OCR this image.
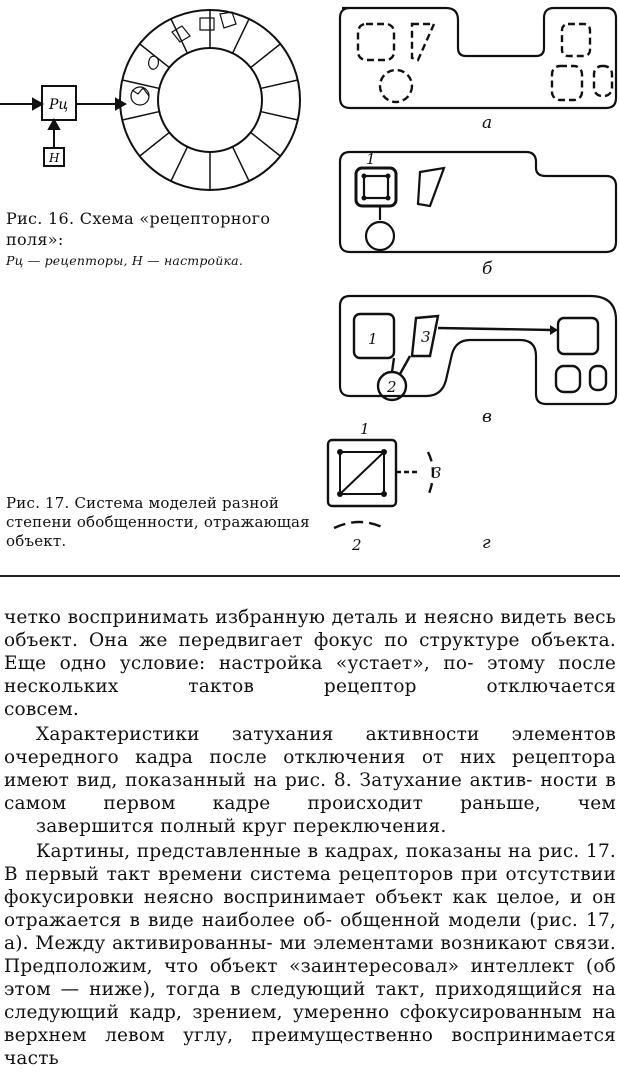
Рц
Н
Рис. 16. Схема «рецепторного поля»:
Рц — рецепторы, Н — настройка.
а
б
в
г
1
1
2
3
1
2
3
Рис. 17. Система моделей разной степени обобщенности, отражающая объект.

четко воспринимать избранную деталь и неясно видеть весь объект. Она же передвигает фокус по структуре объекта. Еще одно условие: настройка «устает», по- этому после нескольких тактов рецептор отключается
совсем.

Характеристики затухания активности элементов очередного кадра после отключения от них рецептора имеют вид, показанный на рис. 8. Затухание актив- ности в самом первом кадре происходит раньше, чем
завершится полный круг переключения.

Картины, представленные в кадрах, показаны на рис. 17. В первый такт времени система рецепторов при отсутствии фокусировки неясно воспринимает объект как целое, и он отражается в виде наиболее об- общенной модели (рис. 17, а). Между активированны- ми элементами возникают связи. Предположим, что объект «заинтересовал» интеллект (об этом — ниже), тогда в следующий такт, приходящийся на следующий кадр, зрением, умеренно сфокусированным на верхнем левом углу, преимущественно воспринимается часть
